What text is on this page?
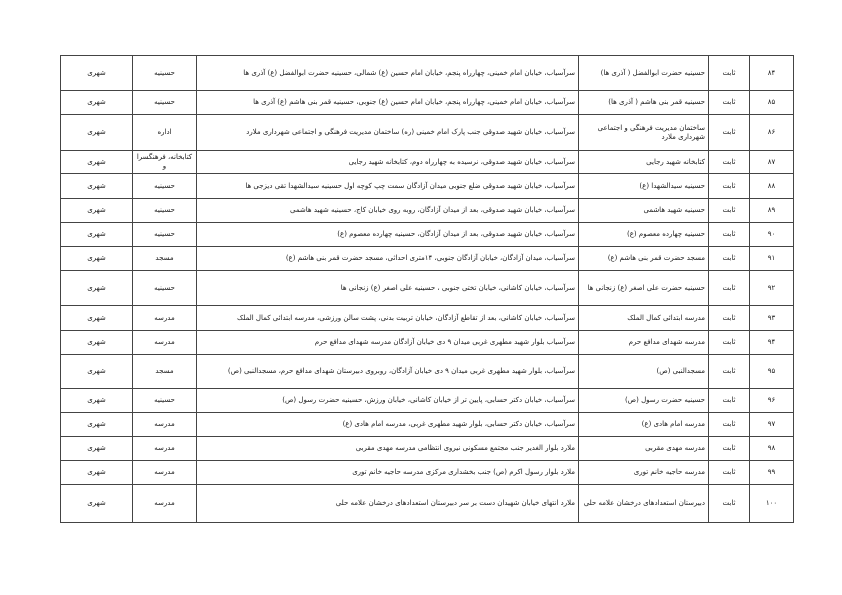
۸۴	ثابت	حسینیه حضرت ابوالفضل ( آذری ها)	سرآسیاب، خیابان امام خمینی، چهارراه پنجم، خیابان امام حسین (ع) شمالی، حسینیه حضرت ابوالفضل (ع) آذری ها	حسینیه	شهری
۸۵	ثابت	حسینیه قمر بنی هاشم ( آذری ها)	سرآسیاب، خیابان امام خمینی، چهارراه پنجم، خیابان امام حسین (ع) جنوبی، حسینیه قمر بنی هاشم (ع) آذری ها	حسینیه	شهری
۸۶	ثابت	ساختمان مدیریت فرهنگی و اجتماعی شهرداری ملارد	سرآسیاب، خیابان شهید صدوقی جنب پارک امام خمینی (ره) ساختمان مدیریت فرهنگی و اجتماعی شهرداری ملارد	اداره	شهری
۸۷	ثابت	کتابخانه شهید رجایی	سرآسیاب، خیابان شهید صدوقی، نرسیده به چهارراه دوم، کتابخانه شهید رجایی	کتابخانه، فرهنگسرا و	شهری
۸۸	ثابت	حسینیه سیدالشهدا (ع)	سرآسیاب، خیابان شهید صدوقی ضلع جنوبی میدان آزادگان سمت چپ کوچه اول حسینیه سیدالشهدا تقی دیزجی ها	حسینیه	شهری
۸۹	ثابت	حسینیه شهید هاشمی	سرآسیاب، خیابان شهید صدوقی، بعد از میدان آزادگان، روبه روی خیابان کاج، حسینیه شهید هاشمی	حسینیه	شهری
۹۰	ثابت	حسینیه چهارده معصوم (ع)	سرآسیاب، خیابان شهید صدوقی، بعد از میدان آزادگان، حسینیه چهارده معصوم (ع)	حسینیه	شهری
۹۱	ثابت	مسجد حضرت قمر بنی هاشم (ع)	سرآسیاب، میدان آزادگان، خیابان آزادگان جنوبی، ۱۴متری احداثی، مسجد حضرت قمر بنی هاشم (ع)	مسجد	شهری
۹۲	ثابت	حسینیه حضرت علی اصغر (ع) زنجانی ها	سرآسیاب، خیابان کاشانی، خیابان تختی جنوبی ، حسینیه علی اصغر (ع) زنجانی ها	حسینیه	شهری
۹۳	ثابت	مدرسه ابتدائی کمال الملک	سرآسیاب، خیابان کاشانی، بعد از تقاطع آزادگان، خیابان تربیت بدنی، پشت سالن ورزشی، مدرسه ابتدائی کمال الملک	مدرسه	شهری
۹۴	ثابت	مدرسه شهدای مدافع حرم	سرآسیاب بلوار شهید مطهری غربی میدان ۹ دی خیابان آزادگان مدرسه شهدای مدافع حرم	مدرسه	شهری
۹۵	ثابت	مسجدالنبی (ص)	سرآسیاب، بلوار شهید مطهری غربی میدان ۹ دی خیابان آزادگان، روبروی دبیرستان شهدای مدافع حرم، مسجدالنبی (ص)	مسجد	شهری
۹۶	ثابت	حسینیه حضرت رسول (ص)	سرآسیاب، خیابان دکتر حسابی، پایین تر از خیابان کاشانی، خیابان ورزش، حسینیه حضرت رسول (ص)	حسینیه	شهری
۹۷	ثابت	مدرسه امام هادی (ع)	سرآسیاب، خیابان دکتر حسابی، بلوار شهید مطهری غربی، مدرسه امام هادی (ع)	مدرسه	شهری
۹۸	ثابت	مدرسه مهدی مقربی	ملارد بلوار الغدیر جنب مجتمع مسکونی نیروی انتظامی مدرسه مهدی مقربی	مدرسه	شهری
۹۹	ثابت	مدرسه حاجیه خانم توری	ملارد بلوار رسول اکرم (ص) جنب بخشداری مرکزی مدرسه حاجیه خانم توری	مدرسه	شهری
۱۰۰	ثابت	دبیرستان استعدادهای درخشان علامه حلی	ملارد انتهای خیابان شهیدان دست بر سر دبیرستان استعدادهای درخشان علامه حلی	مدرسه	شهری
